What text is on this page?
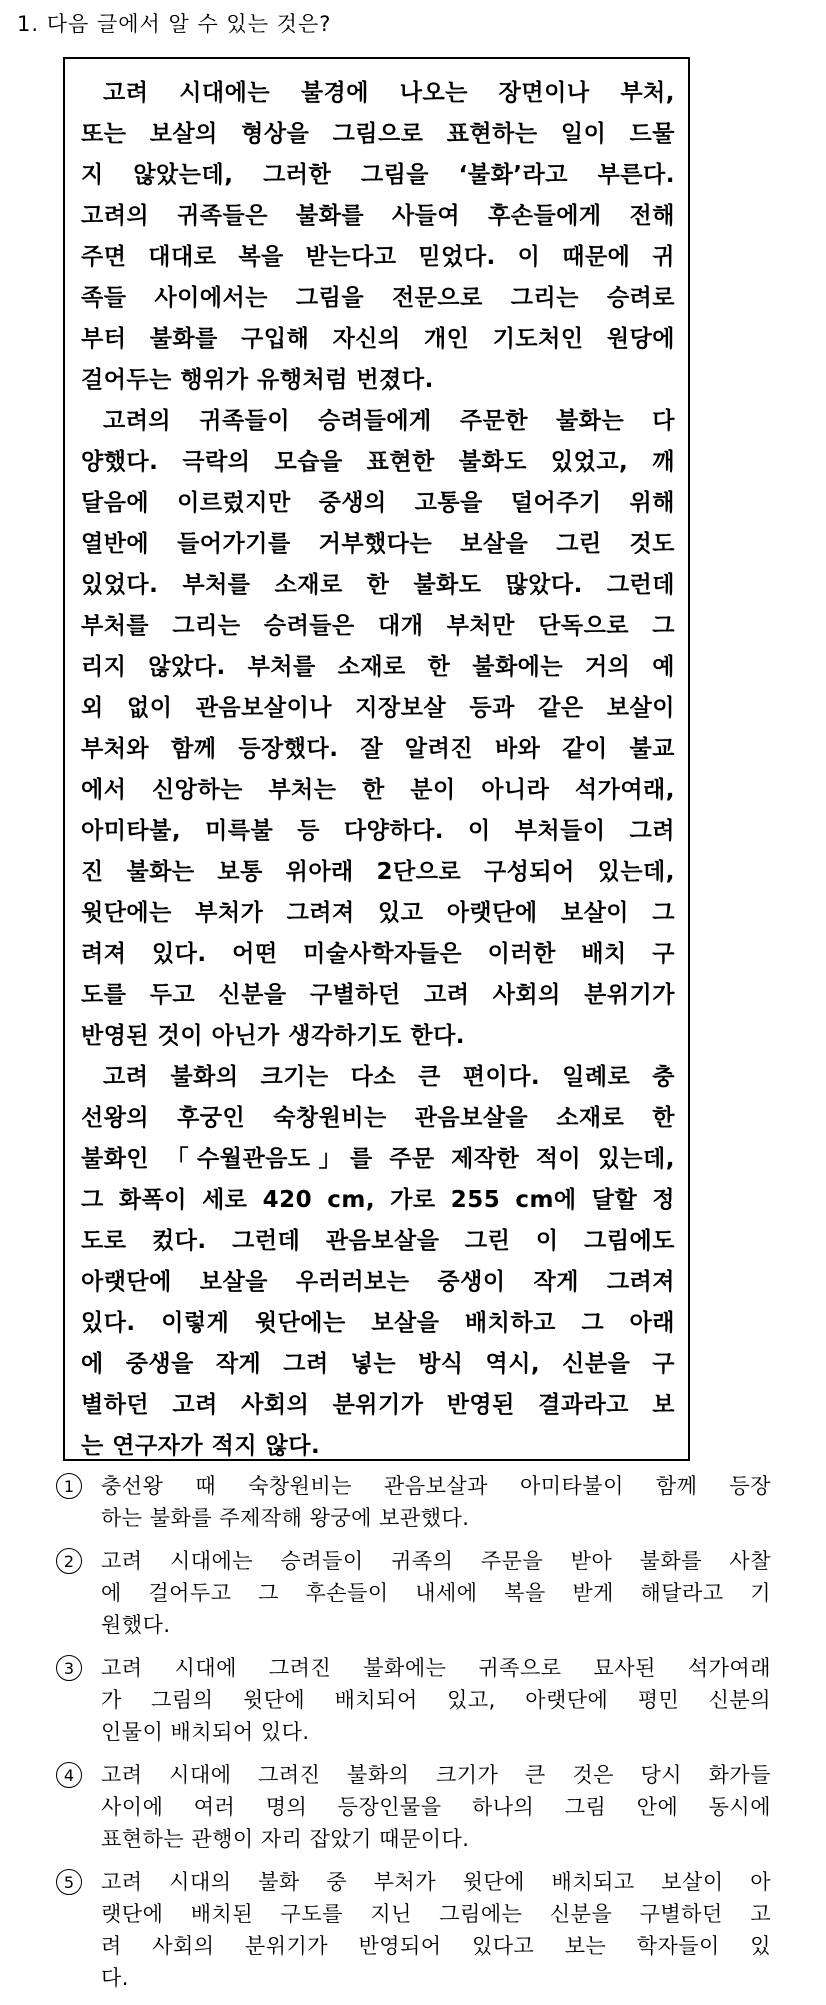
1. 다음 글에서 알 수 있는 것은?
고려 시대에는 불경에 나오는 장면이나 부처,
또는 보살의 형상을 그림으로 표현하는 일이 드물
지 않았는데, 그러한 그림을 ‘불화’라고 부른다.
고려의 귀족들은 불화를 사들여 후손들에게 전해
주면 대대로 복을 받는다고 믿었다. 이 때문에 귀
족들 사이에서는 그림을 전문으로 그리는 승려로
부터 불화를 구입해 자신의 개인 기도처인 원당에
걸어두는 행위가 유행처럼 번졌다.
고려의 귀족들이 승려들에게 주문한 불화는 다
양했다. 극락의 모습을 표현한 불화도 있었고, 깨
달음에 이르렀지만 중생의 고통을 덜어주기 위해
열반에 들어가기를 거부했다는 보살을 그린 것도
있었다. 부처를 소재로 한 불화도 많았다. 그런데
부처를 그리는 승려들은 대개 부처만 단독으로 그
리지 않았다. 부처를 소재로 한 불화에는 거의 예
외 없이 관음보살이나 지장보살 등과 같은 보살이
부처와 함께 등장했다. 잘 알려진 바와 같이 불교
에서 신앙하는 부처는 한 분이 아니라 석가여래,
아미타불, 미륵불 등 다양하다. 이 부처들이 그려
진 불화는 보통 위아래 2단으로 구성되어 있는데,
윗단에는 부처가 그려져 있고 아랫단에 보살이 그
려져 있다. 어떤 미술사학자들은 이러한 배치 구
도를 두고 신분을 구별하던 고려 사회의 분위기가
반영된 것이 아닌가 생각하기도 한다.
고려 불화의 크기는 다소 큰 편이다. 일례로 충
선왕의 후궁인 숙창원비는 관음보살을 소재로 한
불화인 「수월관음도」를 주문 제작한 적이 있는데,
그 화폭이 세로 420 cm, 가로 255 cm에 달할 정
도로 컸다. 그런데 관음보살을 그린 이 그림에도
아랫단에 보살을 우러러보는 중생이 작게 그려져
있다. 이렇게 윗단에는 보살을 배치하고 그 아래
에 중생을 작게 그려 넣는 방식 역시, 신분을 구
별하던 고려 사회의 분위기가 반영된 결과라고 보
는 연구자가 적지 않다.
1	충선왕 때 숙창원비는 관음보살과 아미타불이 함께 등장
하는 불화를 주제작해 왕궁에 보관했다.
2	고려 시대에는 승려들이 귀족의 주문을 받아 불화를 사찰
에 걸어두고 그 후손들이 내세에 복을 받게 해달라고 기
원했다.
3	고려 시대에 그려진 불화에는 귀족으로 묘사된 석가여래
가 그림의 윗단에 배치되어 있고, 아랫단에 평민 신분의
인물이 배치되어 있다.
4	고려 시대에 그려진 불화의 크기가 큰 것은 당시 화가들
사이에 여러 명의 등장인물을 하나의 그림 안에 동시에
표현하는 관행이 자리 잡았기 때문이다.
5	고려 시대의 불화 중 부처가 윗단에 배치되고 보살이 아
랫단에 배치된 구도를 지닌 그림에는 신분을 구별하던 고
려 사회의 분위기가 반영되어 있다고 보는 학자들이 있
다.
